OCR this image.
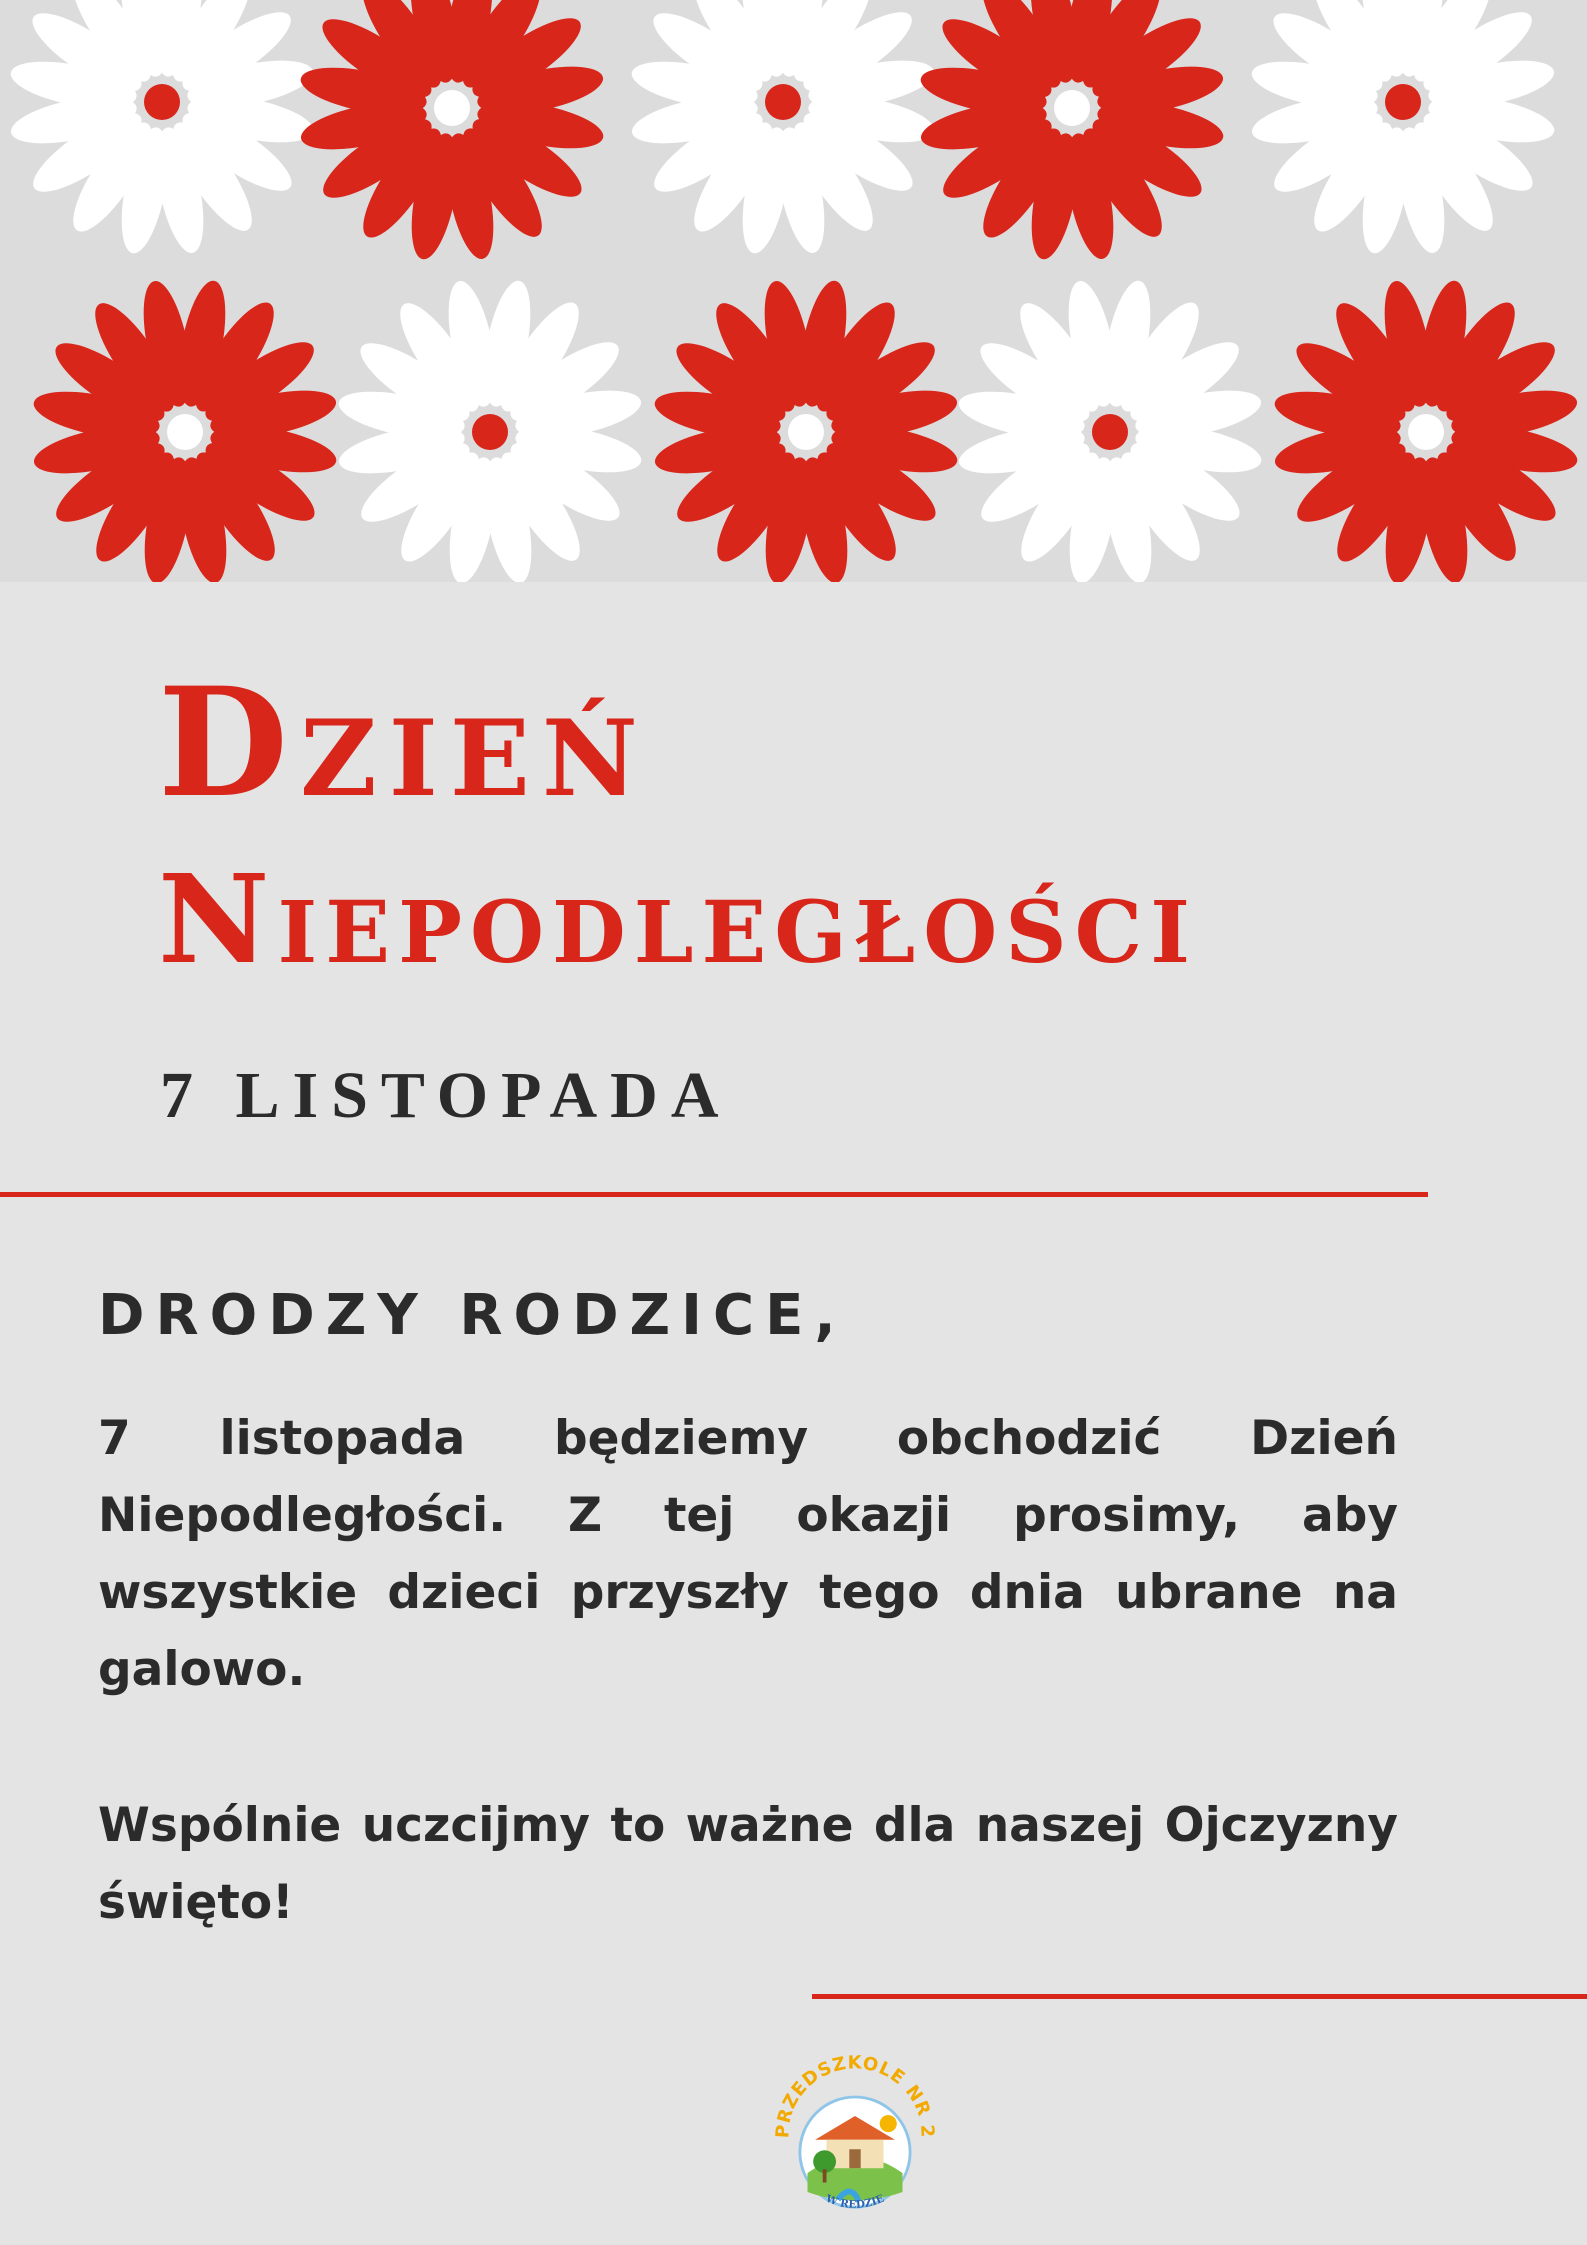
Dzień
Niepodległości

7 LISTOPADA

DRODZY RODZICE,

7 listopada będziemy obchodzić Dzień Niepodległości. Z tej okazji prosimy, aby wszystkie dzieci przyszły tego dnia ubrane na galowo.

Wspólnie uczcijmy to ważne dla naszej Ojczyzny święto!

PRZEDSZKOLE NR 2
W REDZIE
